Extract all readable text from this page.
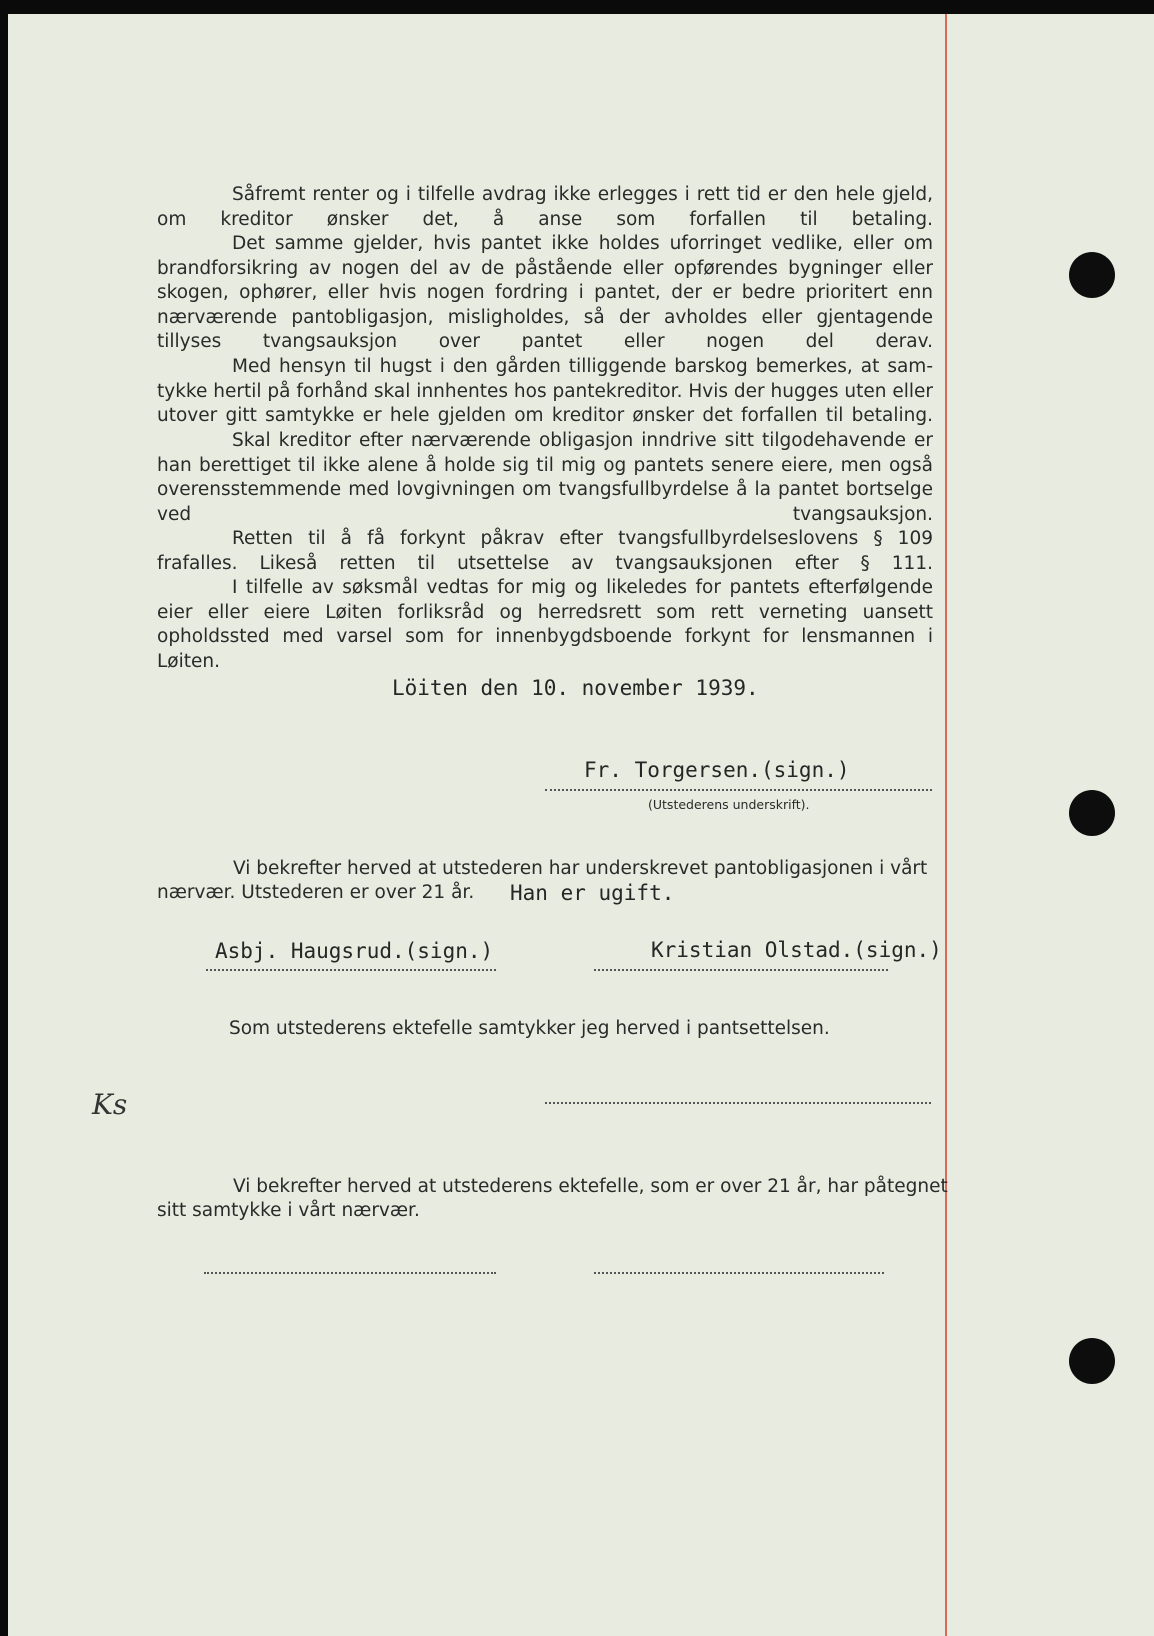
Såfremt renter og i tilfelle avdrag ikke erlegges i rett tid er den hele gjeld, om kreditor ønsker det, å anse som forfallen til betaling.

Det samme gjelder, hvis pantet ikke holdes uforringet vedlike, eller om brandforsikring av nogen del av de påstående eller opførendes bygninger eller skogen, ophører, eller hvis nogen fordring i pantet, der er bedre prioritert enn nærværende pantobligasjon, misligholdes, så der avholdes eller gjentagende tillyses tvangsauksjon over pantet eller nogen del derav.

Med hensyn til hugst i den gården tilliggende barskog bemerkes, at sam- tykke hertil på forhånd skal innhentes hos pantekreditor. Hvis der hugges uten eller utover gitt samtykke er hele gjelden om kreditor ønsker det forfallen til betaling.

Skal kreditor efter nærværende obligasjon inndrive sitt tilgodehavende er han berettiget til ikke alene å holde sig til mig og pantets senere eiere, men også overensstemmende med lovgivningen om tvangsfullbyrdelse å la pantet bortselge ved tvangsauksjon.

Retten til å få forkynt påkrav efter tvangsfullbyrdelseslovens § 109 frafalles. Likeså retten til utsettelse av tvangsauksjonen efter § 111.

I tilfelle av søksmål vedtas for mig og likeledes for pantets efterfølgende eier eller eiere Løiten forliksråd og herredsrett som rett verneting uansett opholdssted med varsel som for innenbygdsboende forkynt for lensmannen i Løiten.

Löiten den 10. november 1939.
Fr. Torgersen.(sign.)
(Utstederens underskrift).
Vi bekrefter herved at utstederen har underskrevet pantobligasjonen i vårt
nærvær. Utstederen er over 21 år. Han er ugift.
Asbj. Haugsrud.(sign.)	Kristian Olstad.(sign.)
Som utstederens ektefelle samtykker jeg herved i pantsettelsen.
Ks
Vi bekrefter herved at utstederens ektefelle, som er over 21 år, har påtegnet
sitt samtykke i vårt nærvær.
